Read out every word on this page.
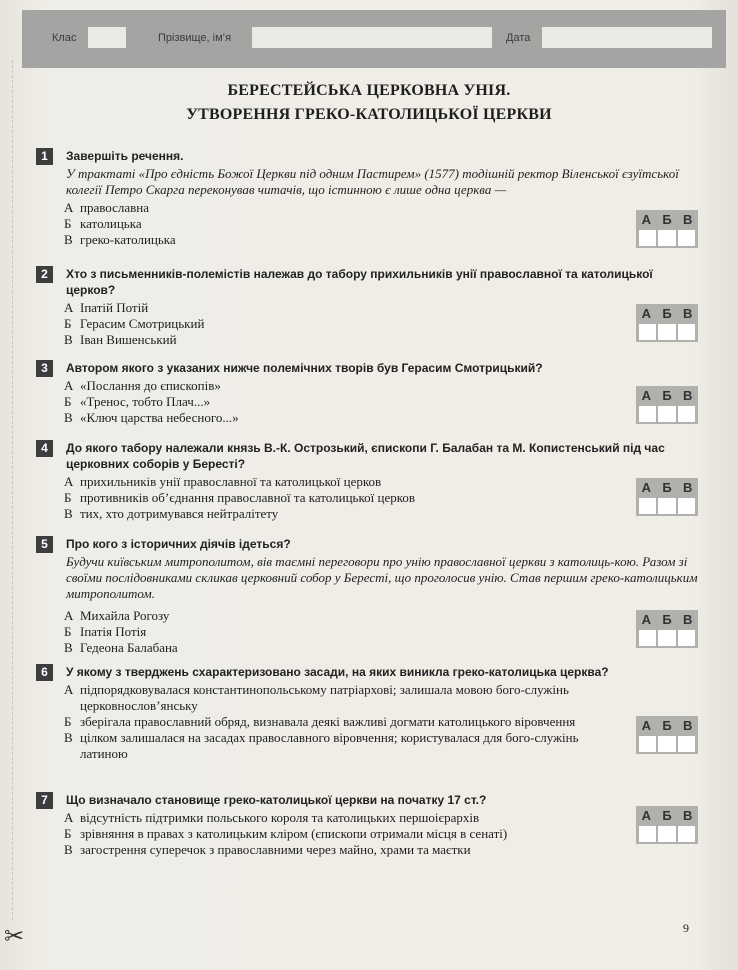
Клас	Прізвище, ім’я	Дата
БЕРЕСТЕЙСЬКА ЦЕРКОВНА УНІЯ.
УТВОРЕННЯ ГРЕКО-КАТОЛИЦЬКОЇ ЦЕРКВИ
1	Завершіть речення.
У трактаті «Про єдність Божої Церкви під одним Пастирем» (1577) тодішній ректор Віленської єзуїтської колегії Петро Скарга переконував читачів, що істинною є лише одна церква —
А православна
Б католицька
В греко-католицька
А Б В
2	Хто з письменників-полемістів належав до табору прихильників унії православної та католицької церков?
А Іпатій Потій
Б Герасим Смотрицький
В Іван Вишенський
А Б В
3	Автором якого з указаних нижче полемічних творів був Герасим Смотрицький?
А «Послання до єпископів»
Б «Тренос, тобто Плач...»
В «Ключ царства небесного...»
А Б В
4	До якого табору належали князь В.-К. Острозький, єпископи Г. Балабан та М. Копистенський під час церковних соборів у Бересті?
А прихильників унії православної та католицької церков
Б противників об’єднання православної та католицької церков
В тих, хто дотримувався нейтралітету
А Б В
5	Про кого з історичних діячів ідеться?
Будучи київським митрополитом, вів таємні переговори про унію православної церкви з католиць-кою. Разом зі своїми послідовниками скликав церковний собор у Бересті, що проголосив унію. Став першим греко-католицьким митрополитом.
А Михайла Рогозу
Б Іпатія Потія
В Гедеона Балабана
А Б В
6	У якому з тверджень схарактеризовано засади, на яких виникла греко-католицька церква?
А підпорядковувалася константинопольському патріархові; залишала мовою бого-служінь церковнослов’янську
Б зберігала православний обряд, визнавала деякі важливі догмати католицького віровчення
В цілком залишалася на засадах православного віровчення; користувалася для бого-служінь латиною
А Б В
7	Що визначало становище греко-католицької церкви на початку 17 ст.?
А відсутність підтримки польського короля та католицьких першоієрархів
Б зрівняння в правах з католицьким кліром (єпископи отримали місця в сенаті)
В загострення суперечок з православними через майно, храми та маєтки
А Б В
9
✂
